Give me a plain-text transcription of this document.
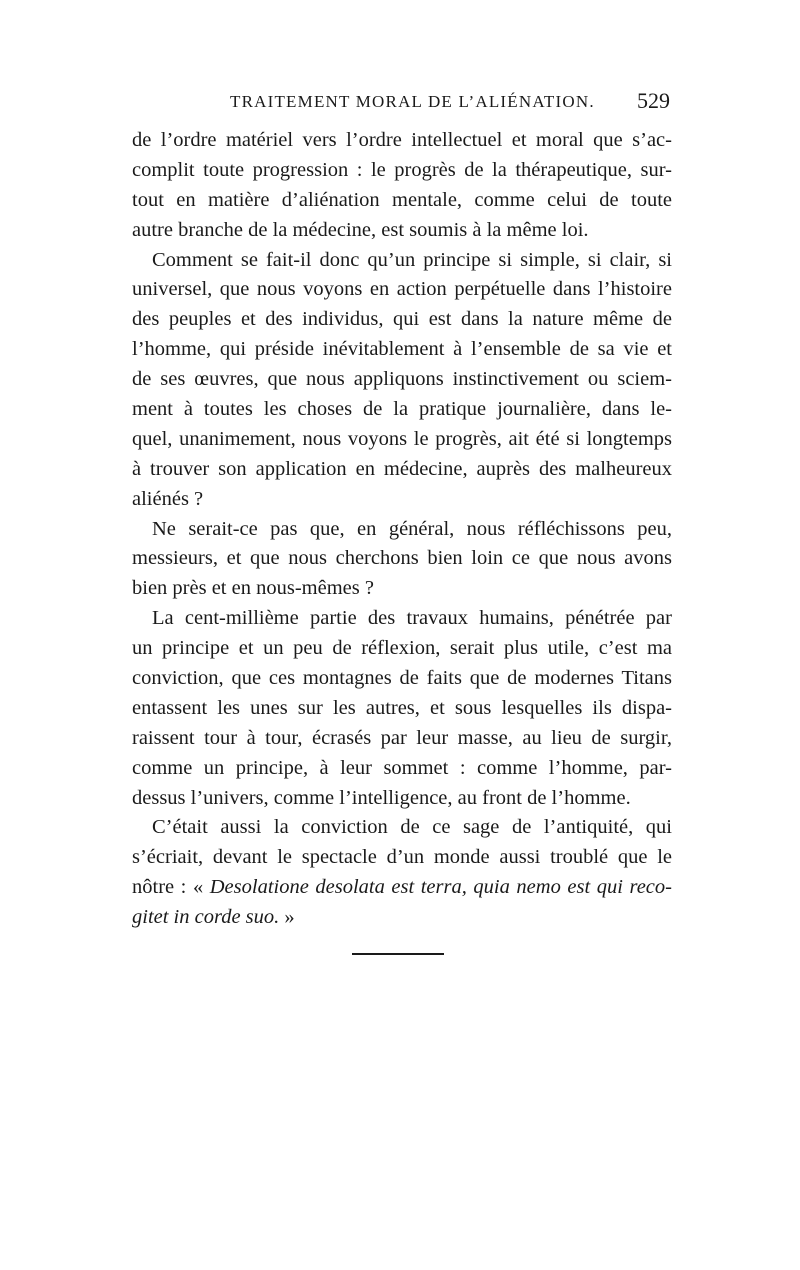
TRAITEMENT MORAL DE L’ALIÉNATION. 529
de l’ordre matériel vers l’ordre intellectuel et moral que s’ac-
complit toute progression : le progrès de la thérapeutique, sur-
tout en matière d’aliénation mentale, comme celui de toute
autre branche de la médecine, est soumis à la même loi.
Comment se fait-il donc qu’un principe si simple, si clair, si
universel, que nous voyons en action perpétuelle dans l’histoire
des peuples et des individus, qui est dans la nature même de
l’homme, qui préside inévitablement à l’ensemble de sa vie et
de ses œuvres, que nous appliquons instinctivement ou sciem-
ment à toutes les choses de la pratique journalière, dans le-
quel, unanimement, nous voyons le progrès, ait été si longtemps
à trouver son application en médecine, auprès des malheureux
aliénés ?
Ne serait-ce pas que, en général, nous réfléchissons peu,
messieurs, et que nous cherchons bien loin ce que nous avons
bien près et en nous-mêmes ?
La cent-millième partie des travaux humains, pénétrée par
un principe et un peu de réflexion, serait plus utile, c’est ma
conviction, que ces montagnes de faits que de modernes Titans
entassent les unes sur les autres, et sous lesquelles ils dispa-
raissent tour à tour, écrasés par leur masse, au lieu de surgir,
comme un principe, à leur sommet : comme l’homme, par-
dessus l’univers, comme l’intelligence, au front de l’homme.
C’était aussi la conviction de ce sage de l’antiquité, qui
s’écriait, devant le spectacle d’un monde aussi troublé que le
nôtre : « Desolatione desolata est terra, quia nemo est qui reco-
gitet in corde suo. »
